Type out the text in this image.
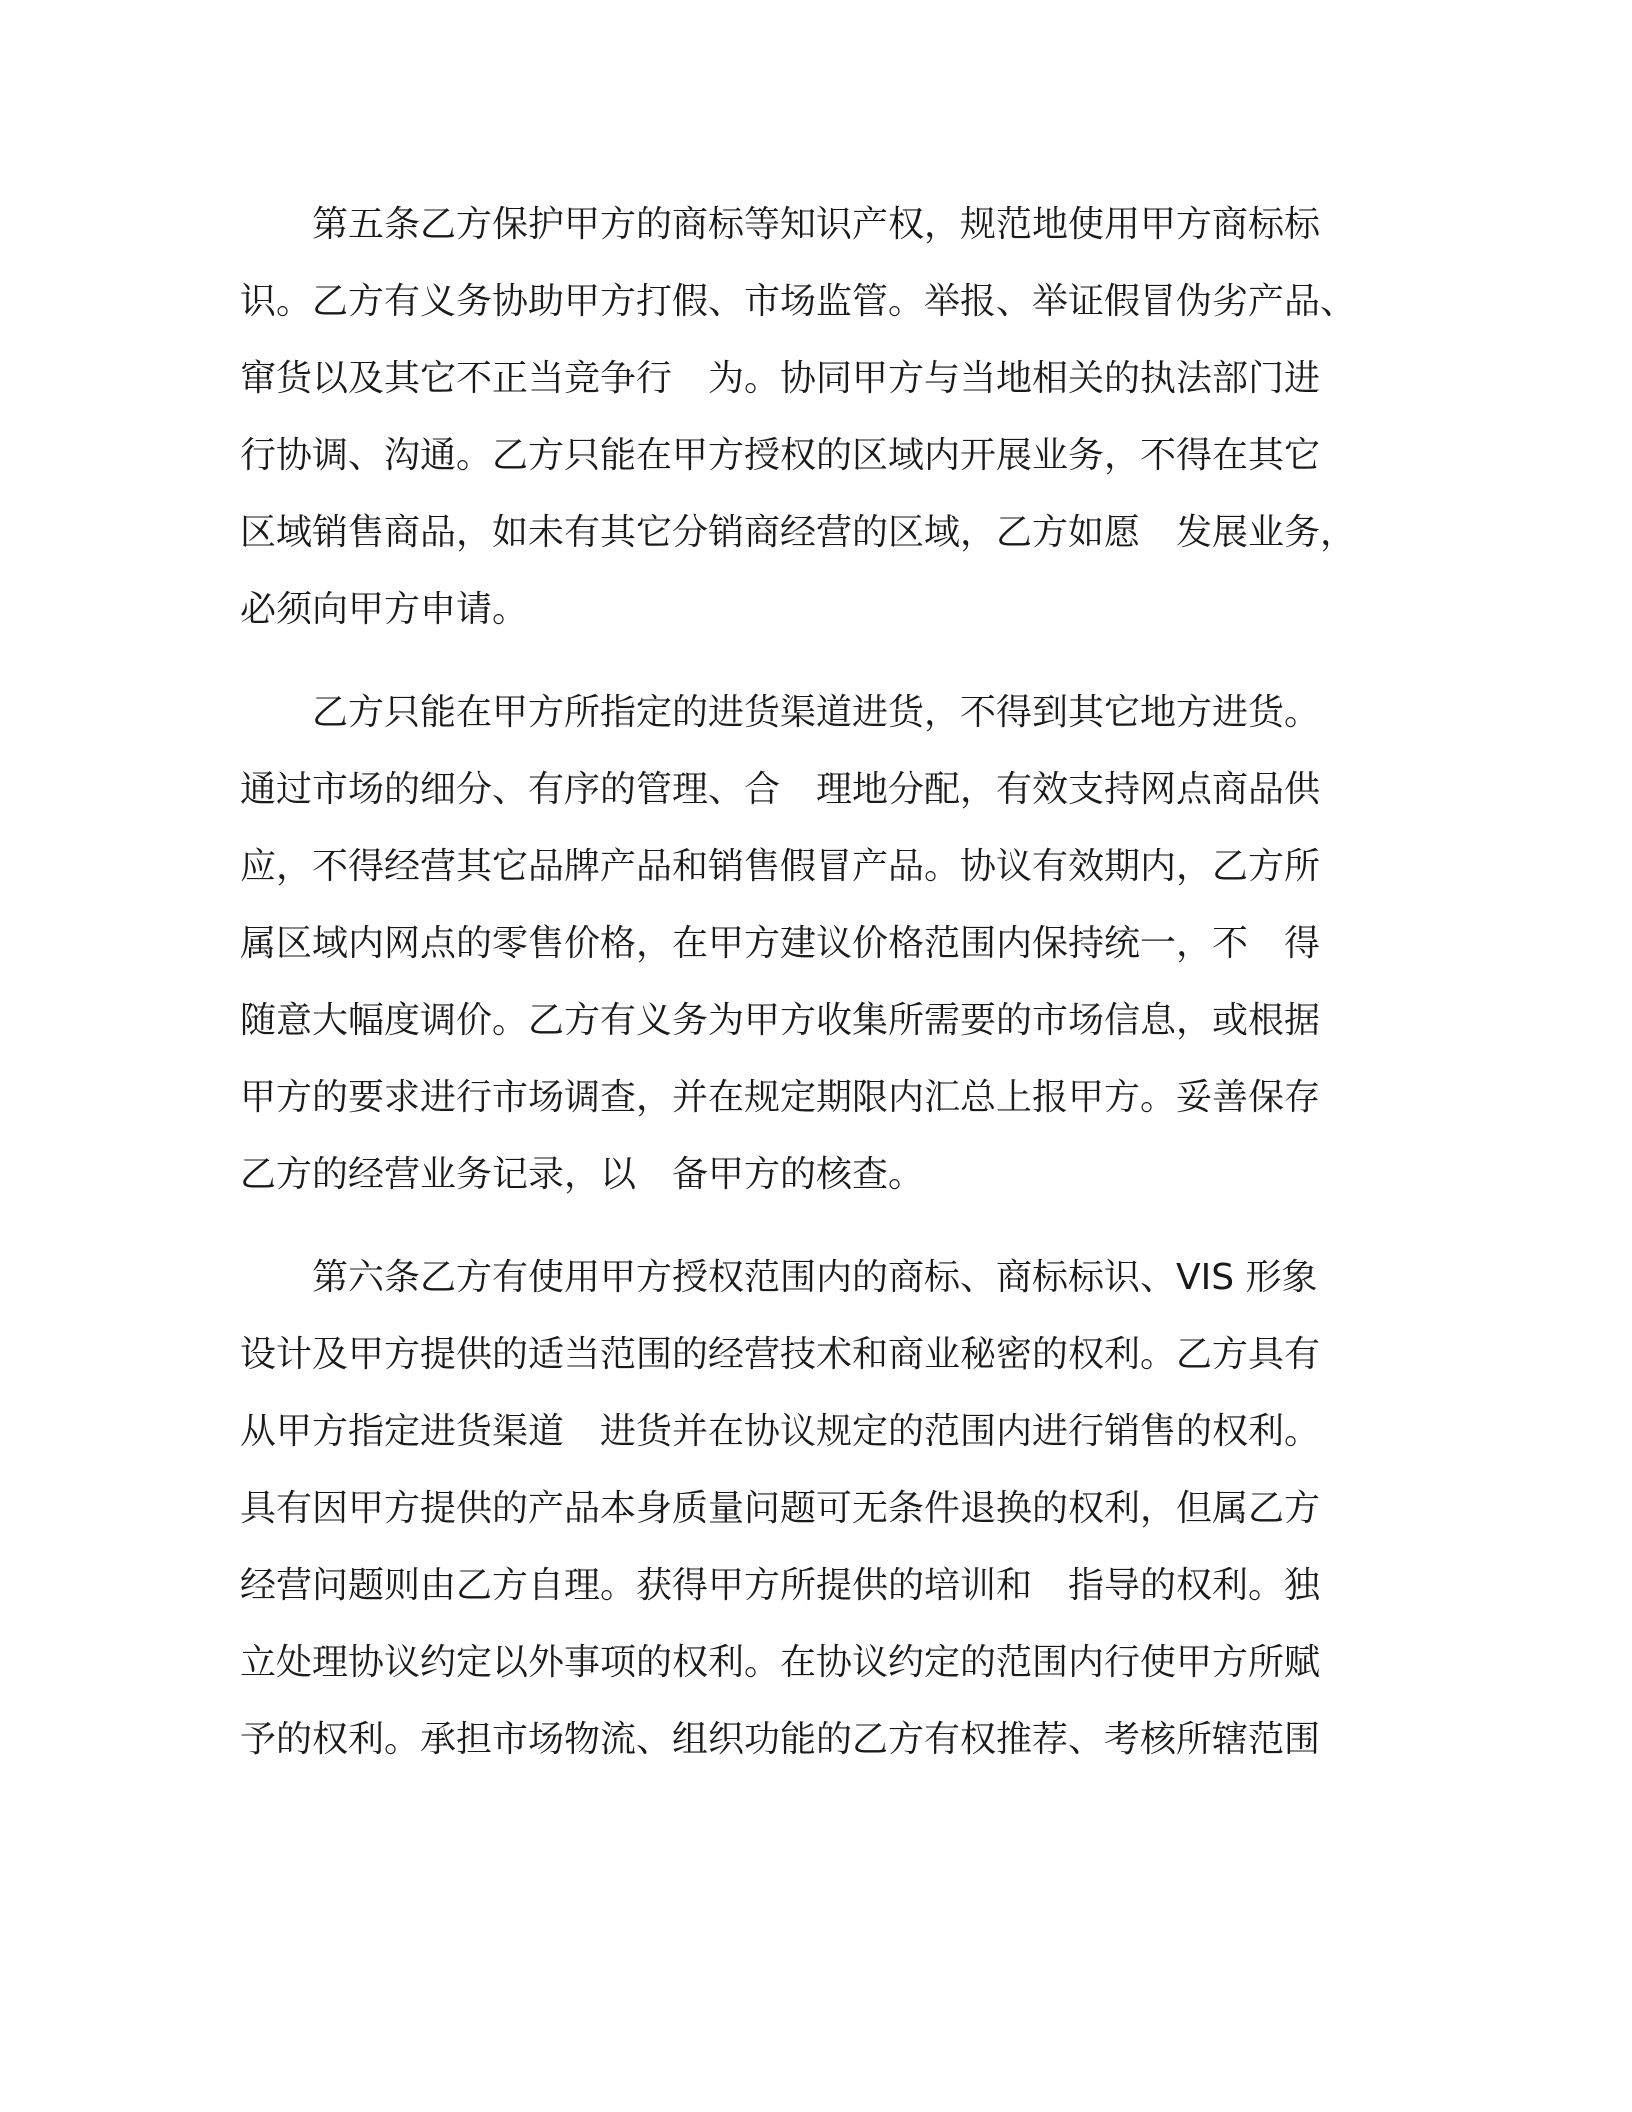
　　第五条乙方保护甲方的商标等知识产权，规范地使用甲方商标标
识。乙方有义务协助甲方打假、市场监管。举报、举证假冒伪劣产品、
窜货以及其它不正当竞争行　为。协同甲方与当地相关的执法部门进
行协调、沟通。乙方只能在甲方授权的区域内开展业务，不得在其它
区域销售商品，如未有其它分销商经营的区域，乙方如愿　发展业务，
必须向甲方申请。
　　乙方只能在甲方所指定的进货渠道进货，不得到其它地方进货。
通过市场的细分、有序的管理、合　理地分配，有效支持网点商品供
应，不得经营其它品牌产品和销售假冒产品。协议有效期内，乙方所
属区域内网点的零售价格，在甲方建议价格范围内保持统一，不　得
随意大幅度调价。乙方有义务为甲方收集所需要的市场信息，或根据
甲方的要求进行市场调查，并在规定期限内汇总上报甲方。妥善保存
乙方的经营业务记录，以　备甲方的核查。
　　第六条乙方有使用甲方授权范围内的商标、商标标识、VIS 形象
设计及甲方提供的适当范围的经营技术和商业秘密的权利。乙方具有
从甲方指定进货渠道　进货并在协议规定的范围内进行销售的权利。
具有因甲方提供的产品本身质量问题可无条件退换的权利，但属乙方
经营问题则由乙方自理。获得甲方所提供的培训和　指导的权利。独
立处理协议约定以外事项的权利。在协议约定的范围内行使甲方所赋
予的权利。承担市场物流、组织功能的乙方有权推荐、考核所辖范围
